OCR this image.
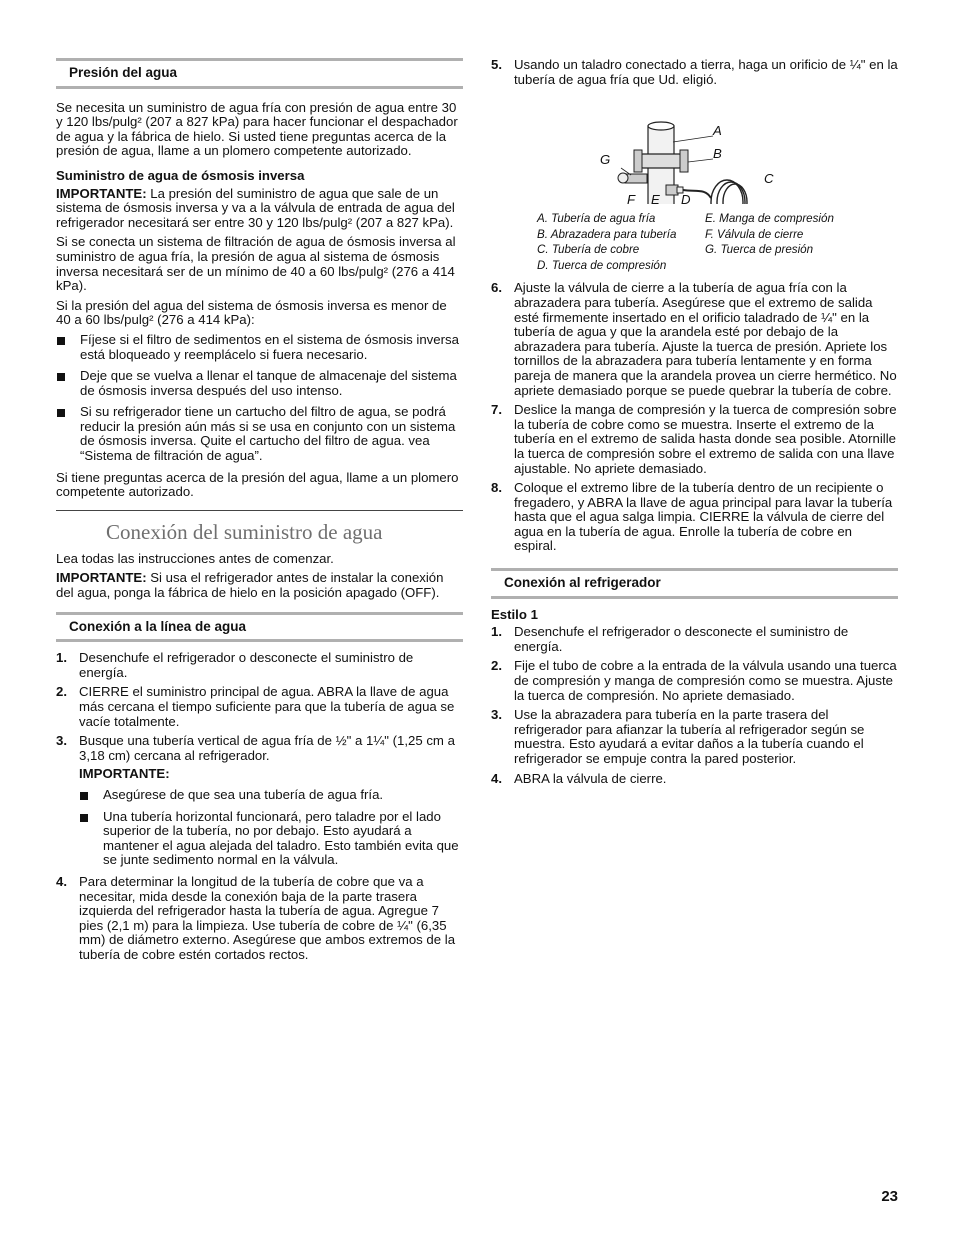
Presión del agua

Se necesita un suministro de agua fría con presión de agua entre 30 y 120 lbs/pulg² (207 a 827 kPa) para hacer funcionar el despachador de agua y la fábrica de hielo. Si usted tiene preguntas acerca de la presión de agua, llame a un plomero competente autorizado.

Suministro de agua de ósmosis inversa

IMPORTANTE: La presión del suministro de agua que sale de un sistema de ósmosis inversa y va a la válvula de entrada de agua del refrigerador necesitará ser entre 30 y 120 lbs/pulg² (207 a 827 kPa).

Si se conecta un sistema de filtración de agua de ósmosis inversa al suministro de agua fría, la presión de agua al sistema de ósmosis inversa necesitará ser de un mínimo de 40 a 60 lbs/pulg² (276 a 414 kPa).

Si la presión del agua del sistema de ósmosis inversa es menor de 40 a 60 lbs/pulg² (276 a 414 kPa):

Fíjese si el filtro de sedimentos en el sistema de ósmosis inversa está bloqueado y reemplácelo si fuera necesario.
Deje que se vuelva a llenar el tanque de almacenaje del sistema de ósmosis inversa después del uso intenso.
Si su refrigerador tiene un cartucho del filtro de agua, se podrá reducir la presión aún más si se usa en conjunto con un sistema de ósmosis inversa. Quite el cartucho del filtro de agua. vea “Sistema de filtración de agua”.

Si tiene preguntas acerca de la presión del agua, llame a un plomero competente autorizado.

Conexión del suministro de agua

Lea todas las instrucciones antes de comenzar.

IMPORTANTE: Si usa el refrigerador antes de instalar la conexión del agua, ponga la fábrica de hielo en la posición apagado (OFF).

Conexión a la línea de agua
1. Desenchufe el refrigerador o desconecte el suministro de energía.
2. CIERRE el suministro principal de agua. ABRA la llave de agua más cercana el tiempo suficiente para que la tubería de agua se vacíe totalmente.
3. Busque una tubería vertical de agua fría de ½" a 1¼" (1,25 cm a 3,18 cm) cercana al refrigerador.
IMPORTANTE:
Asegúrese de que sea una tubería de agua fría.
Una tubería horizontal funcionará, pero taladre por el lado superior de la tubería, no por debajo. Esto ayudará a mantener el agua alejada del taladro. Esto también evita que se junte sedimento normal en la válvula.
4. Para determinar la longitud de la tubería de cobre que va a necesitar, mida desde la conexión baja de la parte trasera izquierda del refrigerador hasta la tubería de agua. Agregue 7 pies (2,1 m) para la limpieza. Use tubería de cobre de ¼" (6,35 mm) de diámetro externo. Asegúrese que ambos extremos de la tubería de cobre estén cortados rectos.
5. Usando un taladro conectado a tierra, haga un orificio de ¼" en la tubería de agua fría que Ud. eligió.
A
B
C
G
F E D
A. Tubería de agua fría	E. Manga de compresión
B. Abrazadera para tubería	F. Válvula de cierre
C. Tubería de cobre	G. Tuerca de presión
D. Tuerca de compresión
6. Ajuste la válvula de cierre a la tubería de agua fría con la abrazadera para tubería. Asegúrese que el extremo de salida esté firmemente insertado en el orificio taladrado de ¼" en la tubería de agua y que la arandela esté por debajo de la abrazadera para tubería. Ajuste la tuerca de presión. Apriete los tornillos de la abrazadera para tubería lentamente y en forma pareja de manera que la arandela provea un cierre hermético. No apriete demasiado porque se puede quebrar la tubería de cobre.
7. Deslice la manga de compresión y la tuerca de compresión sobre la tubería de cobre como se muestra. Inserte el extremo de la tubería en el extremo de salida hasta donde sea posible. Atornille la tuerca de compresión sobre el extremo de salida con una llave ajustable. No apriete demasiado.
8. Coloque el extremo libre de la tubería dentro de un recipiente o fregadero, y ABRA la llave de agua principal para lavar la tubería hasta que el agua salga limpia. CIERRE la válvula de cierre del agua en la tubería de agua. Enrolle la tubería de cobre en espiral.
Conexión al refrigerador
Estilo 1
1. Desenchufe el refrigerador o desconecte el suministro de energía.
2. Fije el tubo de cobre a la entrada de la válvula usando una tuerca de compresión y manga de compresión como se muestra. Ajuste la tuerca de compresión. No apriete demasiado.
3. Use la abrazadera para tubería en la parte trasera del refrigerador para afianzar la tubería al refrigerador según se muestra. Esto ayudará a evitar daños a la tubería cuando el refrigerador se empuje contra la pared posterior.
4. ABRA la válvula de cierre.
23
